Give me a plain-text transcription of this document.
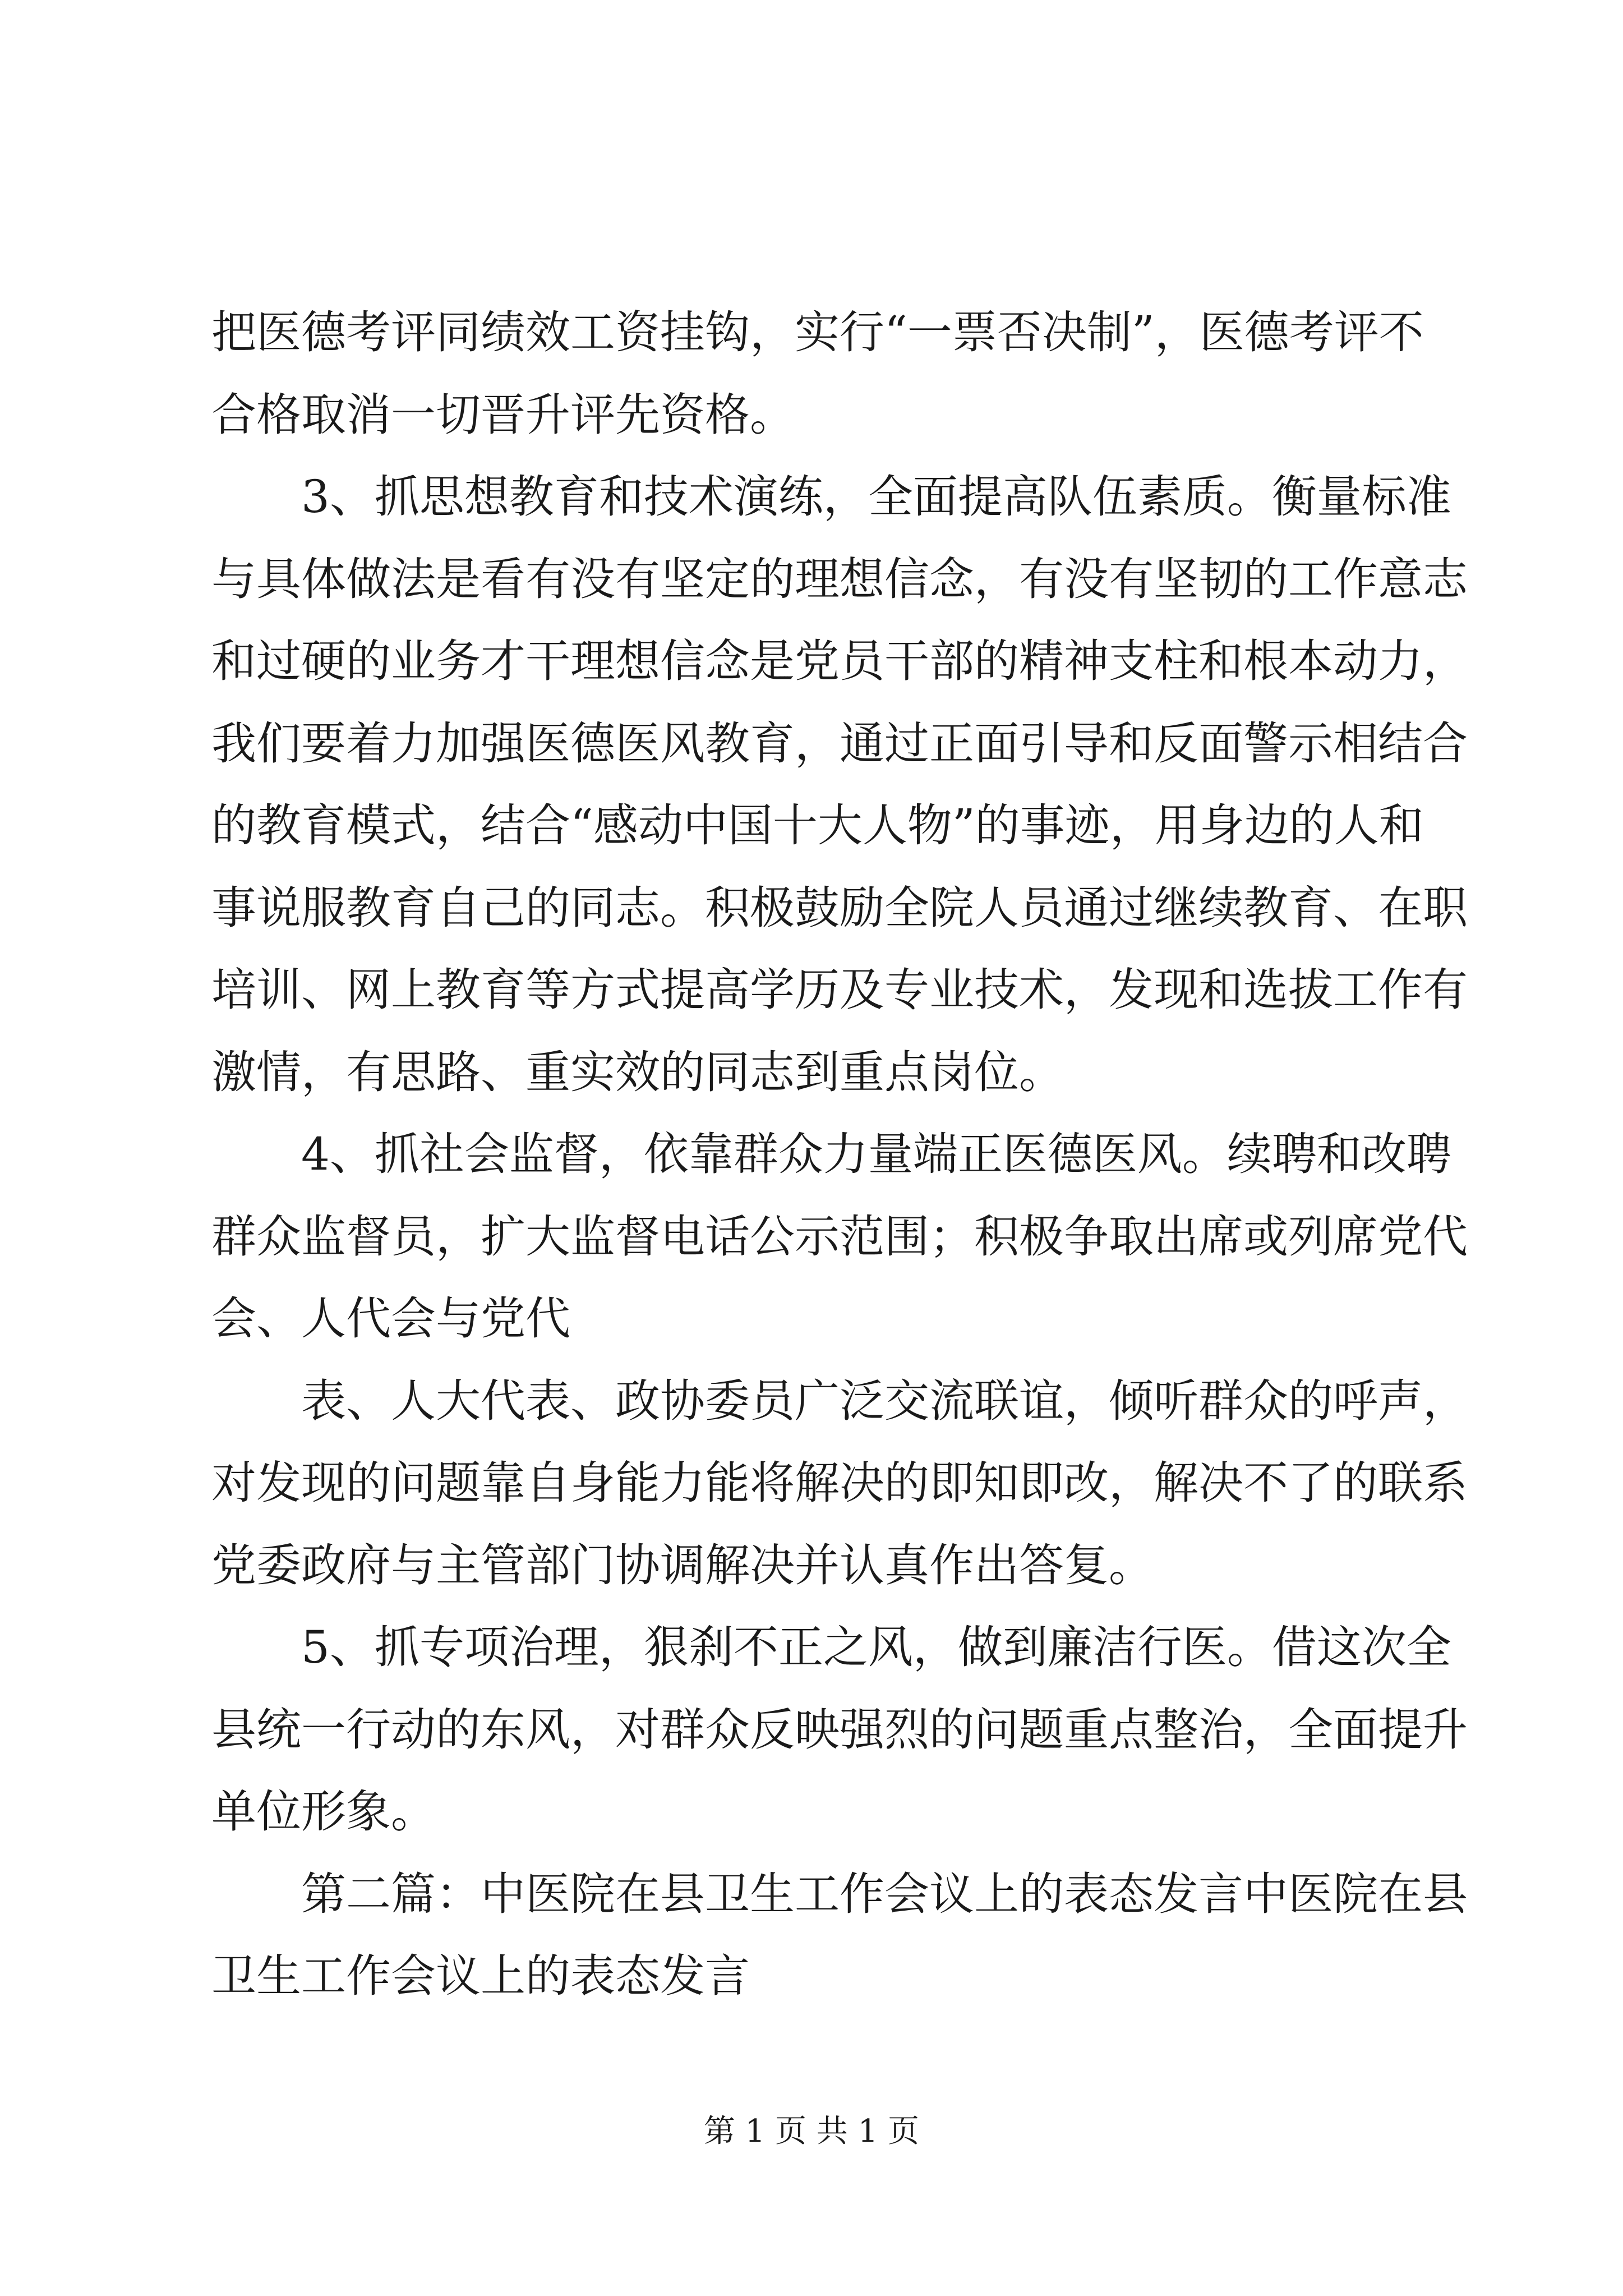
把医德考评同绩效工资挂钩，实行“一票否决制”，医德考评不
合格取消一切晋升评先资格。
3、抓思想教育和技术演练，全面提高队伍素质。衡量标准
与具体做法是看有没有坚定的理想信念，有没有坚韧的工作意志
和过硬的业务才干理想信念是党员干部的精神支柱和根本动力，
我们要着力加强医德医风教育，通过正面引导和反面警示相结合
的教育模式，结合“感动中国十大人物”的事迹，用身边的人和
事说服教育自己的同志。积极鼓励全院人员通过继续教育、在职
培训、网上教育等方式提高学历及专业技术，发现和选拔工作有
激情，有思路、重实效的同志到重点岗位。
4、抓社会监督，依靠群众力量端正医德医风。续聘和改聘
群众监督员，扩大监督电话公示范围；积极争取出席或列席党代
会、人代会与党代
表、人大代表、政协委员广泛交流联谊，倾听群众的呼声，
对发现的问题靠自身能力能将解决的即知即改，解决不了的联系
党委政府与主管部门协调解决并认真作出答复。
5、抓专项治理，狠刹不正之风，做到廉洁行医。借这次全
县统一行动的东风，对群众反映强烈的问题重点整治，全面提升
单位形象。
第二篇：中医院在县卫生工作会议上的表态发言中医院在县
卫生工作会议上的表态发言
第 1 页 共 1 页
